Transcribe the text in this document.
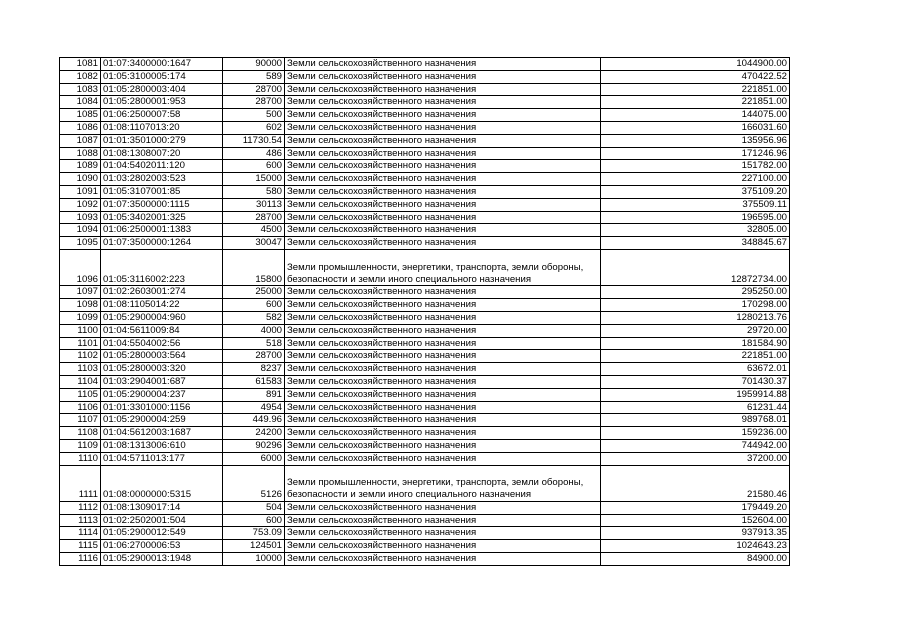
1081	01:07:3400000:1647	90000	Земли сельскохозяйственного назначения	1044900.00
1082	01:05:3100005:174	589	Земли сельскохозяйственного назначения	470422.52
1083	01:05:2800003:404	28700	Земли сельскохозяйственного назначения	221851.00
1084	01:05:2800001:953	28700	Земли сельскохозяйственного назначения	221851.00
1085	01:06:2500007:58	500	Земли сельскохозяйственного назначения	144075.00
1086	01:08:1107013:20	602	Земли сельскохозяйственного назначения	166031.60
1087	01:01:3501000:279	11730.54	Земли сельскохозяйственного назначения	135956.96
1088	01:08:1308007:20	486	Земли сельскохозяйственного назначения	171246.96
1089	01:04:5402011:120	600	Земли сельскохозяйственного назначения	151782.00
1090	01:03:2802003:523	15000	Земли сельскохозяйственного назначения	227100.00
1091	01:05:3107001:85	580	Земли сельскохозяйственного назначения	375109.20
1092	01:07:3500000:1115	30113	Земли сельскохозяйственного назначения	375509.11
1093	01:05:3402001:325	28700	Земли сельскохозяйственного назначения	196595.00
1094	01:06:2500001:1383	4500	Земли сельскохозяйственного назначения	32805.00
1095	01:07:3500000:1264	30047	Земли сельскохозяйственного назначения	348845.67
1096	01:05:3116002:223	15800	Земли промышленности, энергетики, транспорта, земли обороны, безопасности и земли иного специального назначения	12872734.00
1097	01:02:2603001:274	25000	Земли сельскохозяйственного назначения	295250.00
1098	01:08:1105014:22	600	Земли сельскохозяйственного назначения	170298.00
1099	01:05:2900004:960	582	Земли сельскохозяйственного назначения	1280213.76
1100	01:04:5611009:84	4000	Земли сельскохозяйственного назначения	29720.00
1101	01:04:5504002:56	518	Земли сельскохозяйственного назначения	181584.90
1102	01:05:2800003:564	28700	Земли сельскохозяйственного назначения	221851.00
1103	01:05:2800003:320	8237	Земли сельскохозяйственного назначения	63672.01
1104	01:03:2904001:687	61583	Земли сельскохозяйственного назначения	701430.37
1105	01:05:2900004:237	891	Земли сельскохозяйственного назначения	1959914.88
1106	01:01:3301000:1156	4954	Земли сельскохозяйственного назначения	61231.44
1107	01:05:2900004:259	449.96	Земли сельскохозяйственного назначения	989768.01
1108	01:04:5612003:1687	24200	Земли сельскохозяйственного назначения	159236.00
1109	01:08:1313006:610	90296	Земли сельскохозяйственного назначения	744942.00
1110	01:04:5711013:177	6000	Земли сельскохозяйственного назначения	37200.00
1111	01:08:0000000:5315	5126	Земли промышленности, энергетики, транспорта, земли обороны, безопасности и земли иного специального назначения	21580.46
1112	01:08:1309017:14	504	Земли сельскохозяйственного назначения	179449.20
1113	01:02:2502001:504	600	Земли сельскохозяйственного назначения	152604.00
1114	01:05:2900012:549	753.09	Земли сельскохозяйственного назначения	937913.35
1115	01:06:2700006:53	124501	Земли сельскохозяйственного назначения	1024643.23
1116	01:05:2900013:1948	10000	Земли сельскохозяйственного назначения	84900.00
